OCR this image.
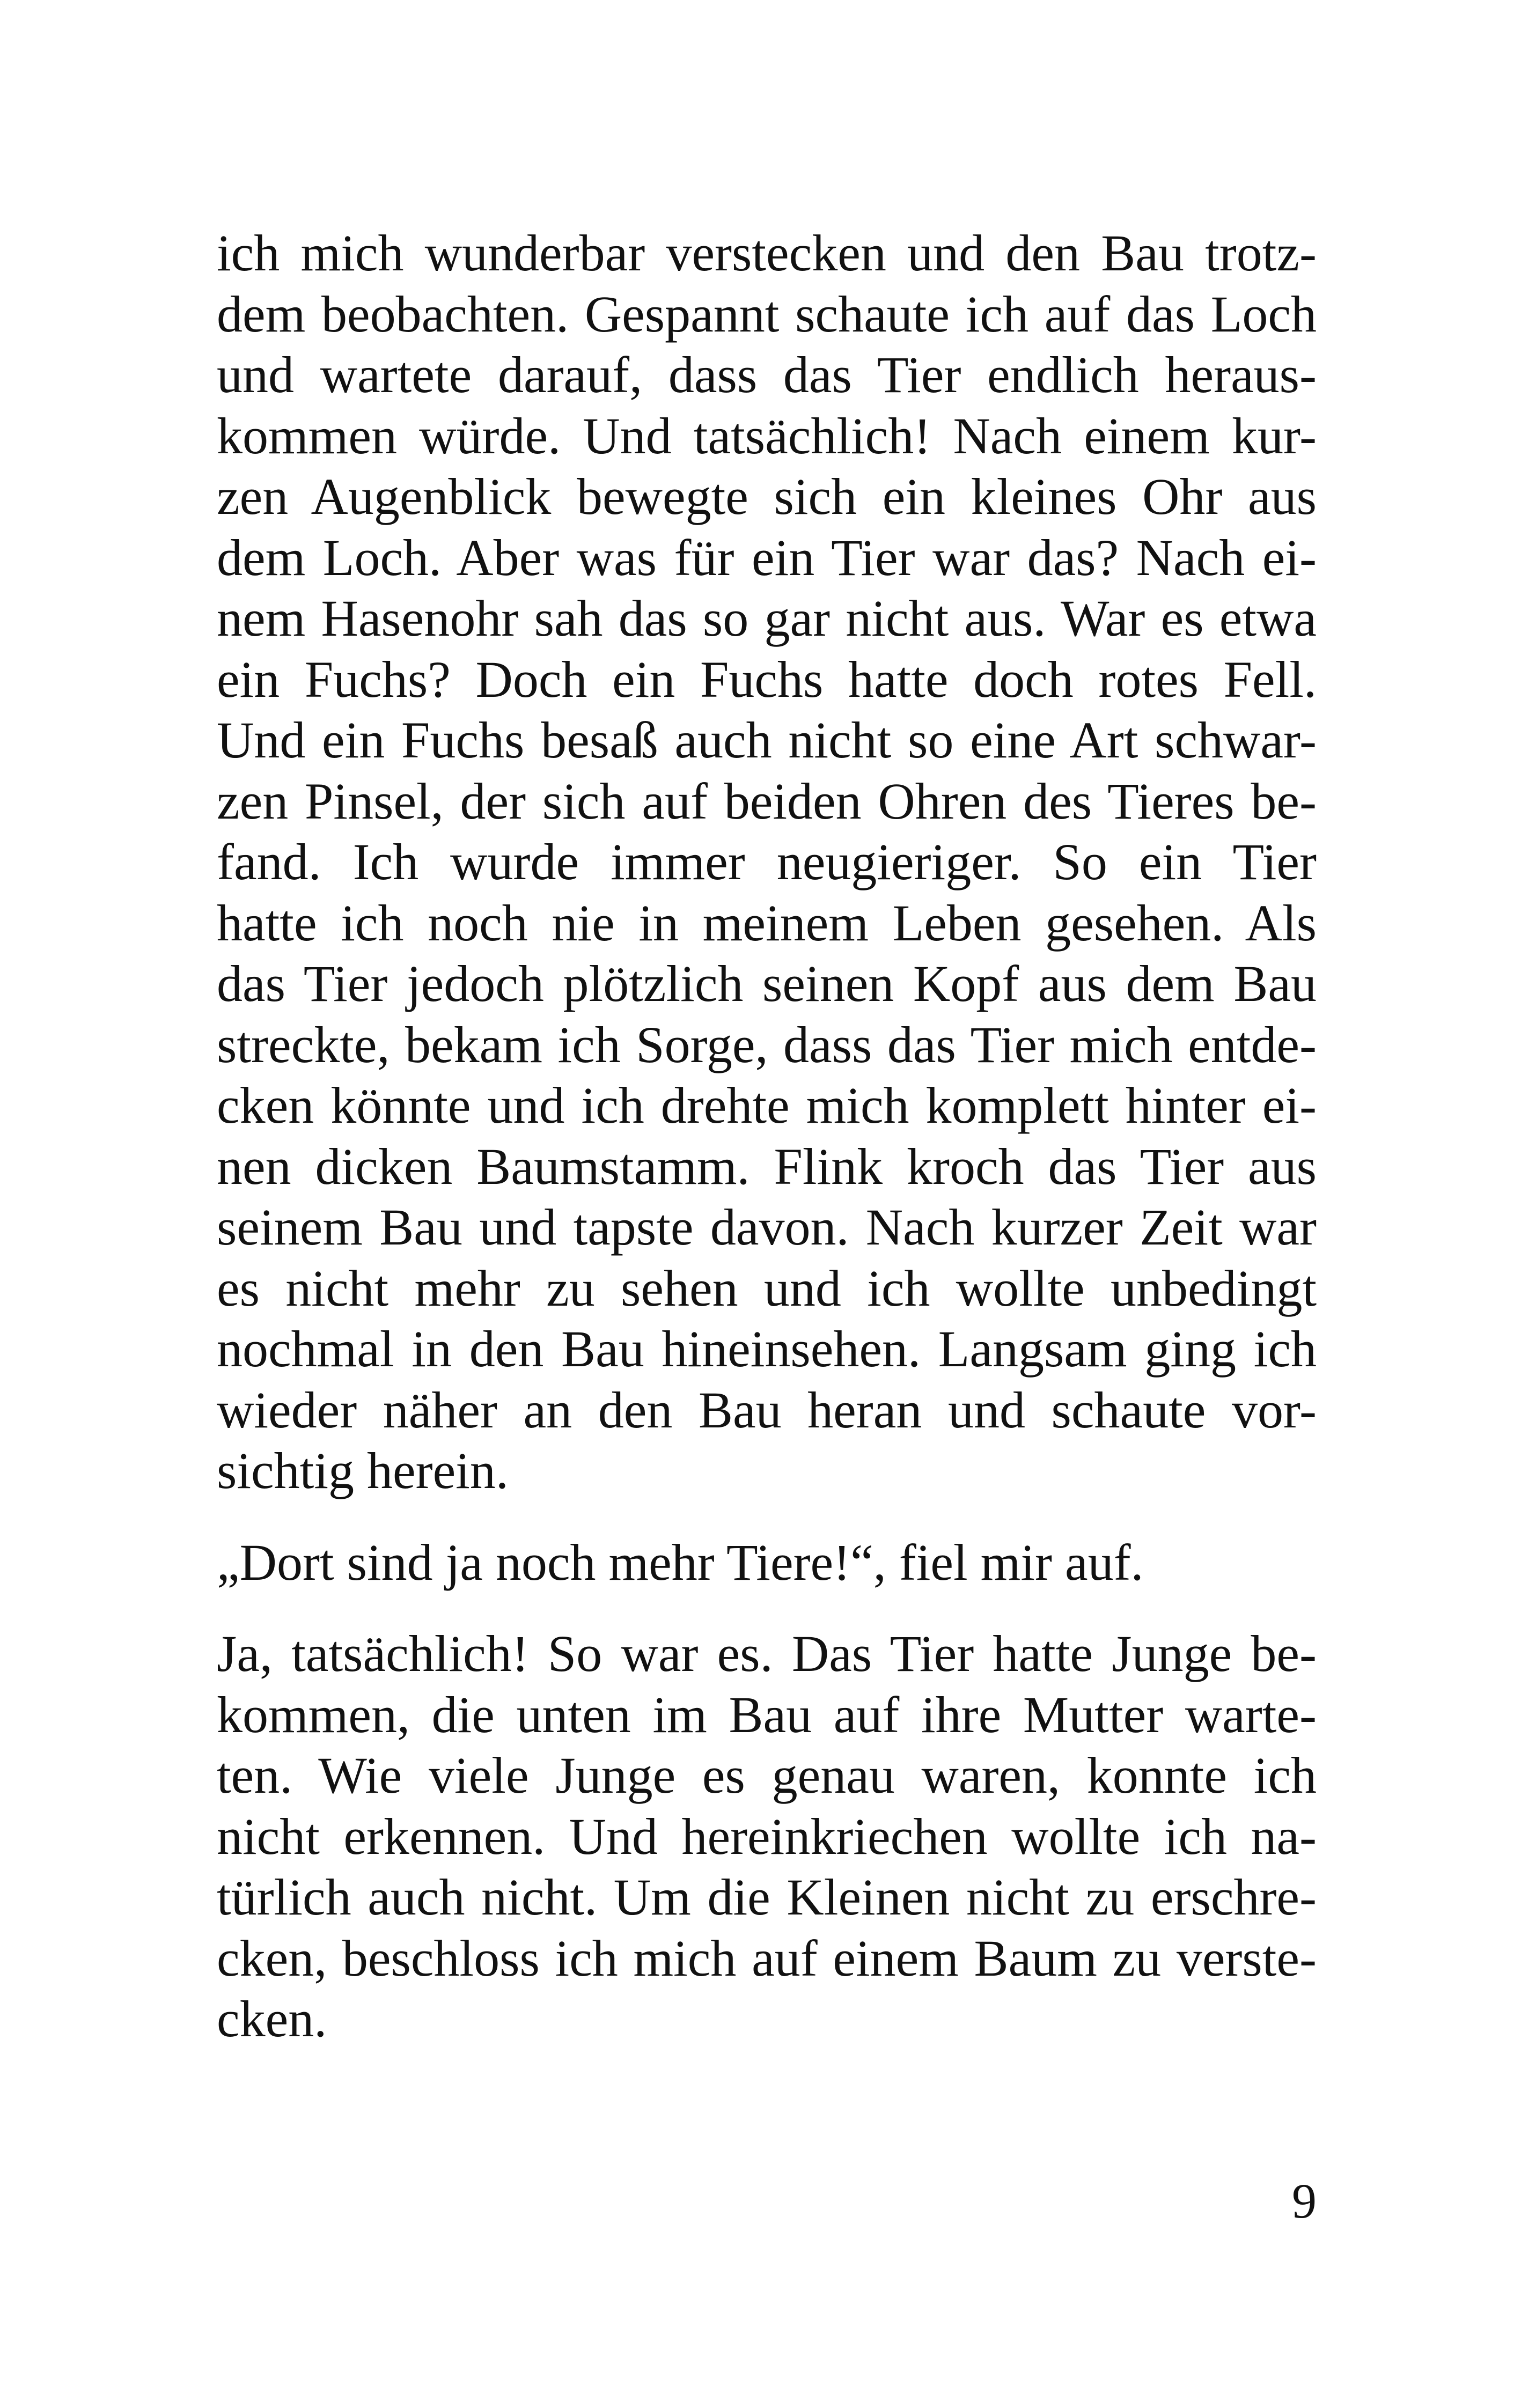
ich mich wunderbar verstecken und den Bau trotz-
dem beobachten. Gespannt schaute ich auf das Loch
und wartete darauf, dass das Tier endlich heraus-
kommen würde. Und tatsächlich! Nach einem kur-
zen Augenblick bewegte sich ein kleines Ohr aus
dem Loch. Aber was für ein Tier war das? Nach ei-
nem Hasenohr sah das so gar nicht aus. War es etwa
ein Fuchs? Doch ein Fuchs hatte doch rotes Fell.
Und ein Fuchs besaß auch nicht so eine Art schwar-
zen Pinsel, der sich auf beiden Ohren des Tieres be-
fand. Ich wurde immer neugieriger. So ein Tier
hatte ich noch nie in meinem Leben gesehen. Als
das Tier jedoch plötzlich seinen Kopf aus dem Bau
streckte, bekam ich Sorge, dass das Tier mich entde-
cken könnte und ich drehte mich komplett hinter ei-
nen dicken Baumstamm. Flink kroch das Tier aus
seinem Bau und tapste davon. Nach kurzer Zeit war
es nicht mehr zu sehen und ich wollte unbedingt
nochmal in den Bau hineinsehen. Langsam ging ich
wieder näher an den Bau heran und schaute vor-
sichtig herein.

„Dort sind ja noch mehr Tiere!“, fiel mir auf.

Ja, tatsächlich! So war es. Das Tier hatte Junge be-
kommen, die unten im Bau auf ihre Mutter warte-
ten. Wie viele Junge es genau waren, konnte ich
nicht erkennen. Und hereinkriechen wollte ich na-
türlich auch nicht. Um die Kleinen nicht zu erschre-
cken, beschloss ich mich auf einem Baum zu verste-
cken.

9
